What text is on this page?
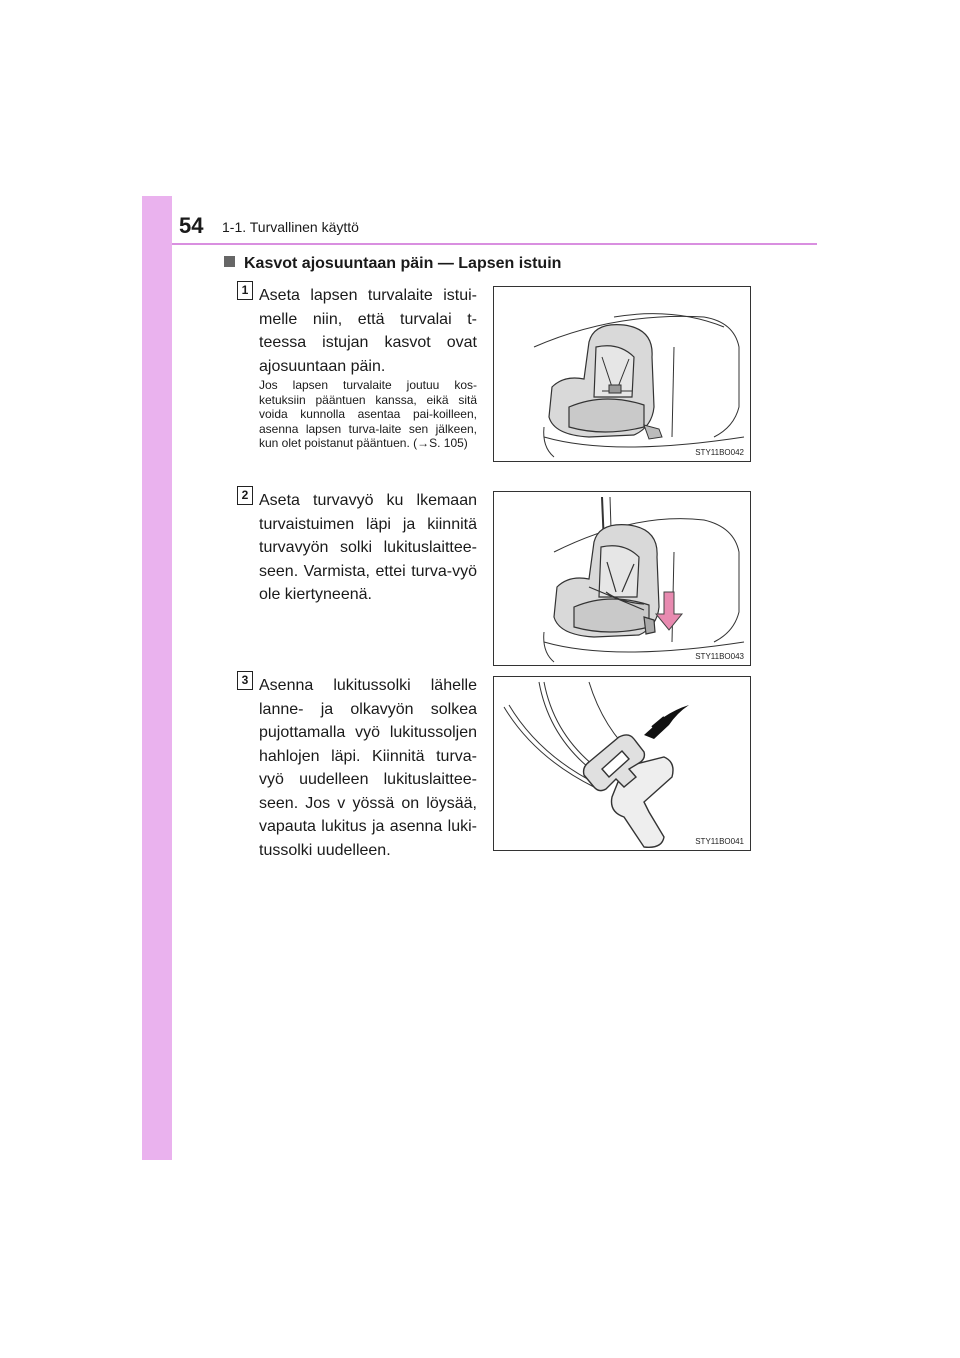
54 1-1. Turvallinen käyttö
Kasvot ajosuuntaan päin — Lapsen istuin
1 Aseta lapsen turvalaite istui-melle niin, että turvalai t-teessa istujan kasvot ovat ajosuuntaan päin.
Jos lapsen turvalaite joutuu kos-ketuksiin pääntuen kanssa, eikä sitä voida kunnolla asentaa pai-koilleen, asenna lapsen turva-laite sen jälkeen, kun olet poistanut pääntuen. (→S. 105)
STY11BO042
2 Aseta turvavyö ku lkemaan turvaistuimen läpi ja kiinnitä turvavyön solki lukituslaittee-seen. Varmista, ettei turva-vyö ole kiertyneenä.
STY11BO043
3 Asenna lukitussolki lähelle lanne- ja olkavyön solkea pujottamalla vyö lukitussoljen hahlojen läpi. Kiinnitä turva-vyö uudelleen lukituslaittee-seen. Jos v yössä on löysää, vapauta lukitus ja asenna luki-tussolki uudelleen.	STY11BO041
